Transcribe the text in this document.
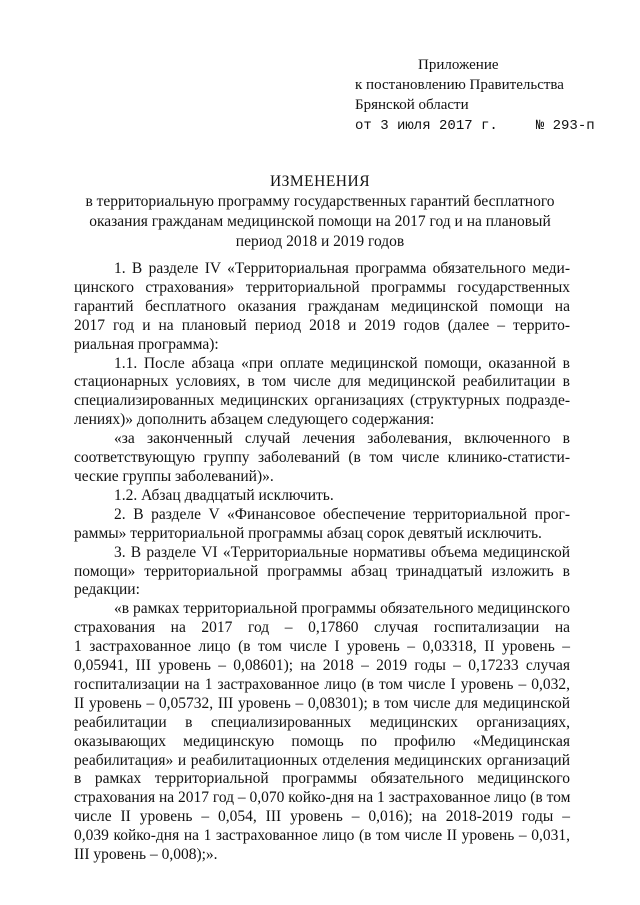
Приложение
к постановлению Правительства
Брянской области
от 3 июля 2017 г.	№ 293-п
ИЗМЕНЕНИЯ
в территориальную программу государственных гарантий бесплатного
оказания гражданам медицинской помощи на 2017 год и на плановый
период 2018 и 2019 годов
1. В разделе IV «Территориальная программа обязательного меди-
цинского страхования» территориальной программы государственных
гарантий бесплатного оказания гражданам медицинской помощи на
2017 год и на плановый период 2018 и 2019 годов (далее – террито-
риальная программа):
1.1. После абзаца «при оплате медицинской помощи, оказанной в
стационарных условиях, в том числе для медицинской реабилитации в
специализированных медицинских организациях (структурных подразде-
лениях)» дополнить абзацем следующего содержания:
«за законченный случай лечения заболевания, включенного в
соответствующую группу заболеваний (в том числе клинико-статисти-
ческие группы заболеваний)».
1.2. Абзац двадцатый исключить.
2. В разделе V «Финансовое обеспечение территориальной прог-
раммы» территориальной программы абзац сорок девятый исключить.
3. В разделе VI «Территориальные нормативы объема медицинской
помощи» территориальной программы абзац тринадцатый изложить в
редакции:
«в рамках территориальной программы обязательного медицинского
страхования на 2017 год – 0,17860 случая госпитализации на
1 застрахованное лицо (в том числе I уровень – 0,03318, II уровень –
0,05941, III уровень – 0,08601); на 2018 – 2019 годы – 0,17233 случая
госпитализации на 1 застрахованное лицо (в том числе I уровень – 0,032,
II уровень – 0,05732, III уровень – 0,08301); в том числе для медицинской
реабилитации в специализированных медицинских организациях,
оказывающих медицинскую помощь по профилю «Медицинская
реабилитация» и реабилитационных отделения медицинских организаций
в рамках территориальной программы обязательного медицинского
страхования на 2017 год – 0,070 койко-дня на 1 застрахованное лицо (в том
числе II уровень – 0,054, III уровень – 0,016); на 2018-2019 годы –
0,039 койко-дня на 1 застрахованное лицо (в том числе II уровень – 0,031,
III уровень – 0,008);».
